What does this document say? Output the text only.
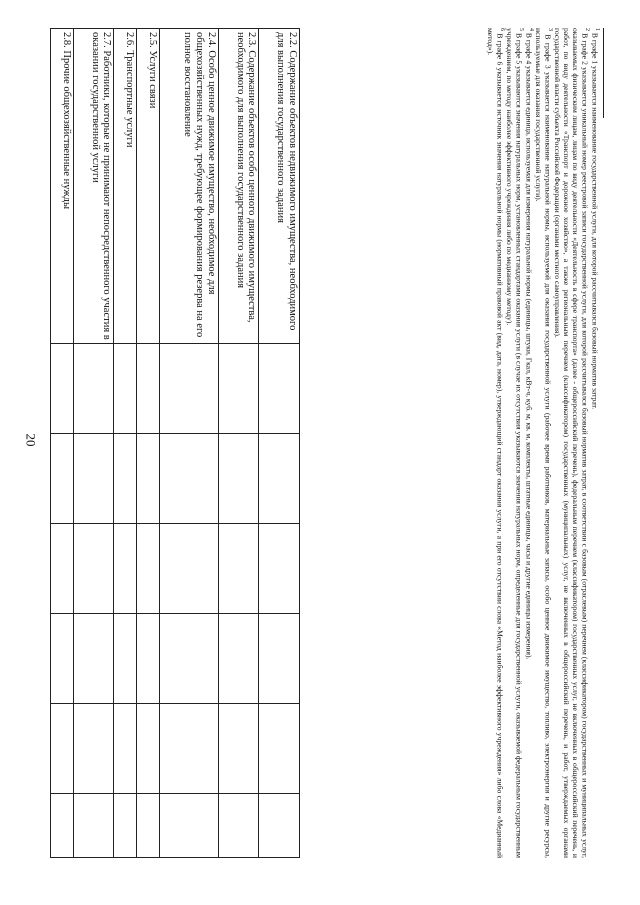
20
2.2. Содержание объектов недвижимого имущества, необходимого для выполнения государственного задания						
2.3. Содержание объектов особо ценного движимого имущества, необходимого для выполнения государственного задания						
2.4. Особо ценное движимое имущество, необходимое для общехозяйственных нужд, требующее формирования резерва на его полное восстановление						
2.5. Услуги связи						
2.6. Транспортные услуги						
2.7. Работники, которые не принимают непосредственного участия в оказании государственной услуги						
2.8. Прочие общехозяйственные нужды						

$^1$ В графе 1 указывается наименование государственной услуги, для которой рассчитывался базовый норматив затрат.

$^2$ В графе 2 указывается уникальный номер реестровой записи государственной услуги, для которой рассчитывался базовый норматив затрат, в соответствии с базовым (отраслевым) перечнем (классификатором) государственных и муниципальных услуг, оказываемых физическим лицам, лицам по виду деятельности «Деятельность в сфере транспорта» (далее - общероссийский перечень), федеральным перечнем (классификатором) государственных услуг, не включенных в общероссийский перечень, и работ, по виду деятельности «Транспорт и дорожное хозяйство», а также региональным перечнем (классификатором) государственных (муниципальных) услуг, не включенных в общероссийский перечень, и работ, утверждаемых органами государственной власти субъекта Российской Федерации (органами местного самоуправления).

$^3$ В графе 3 указывается наименование натуральной нормы, используемой для оказания государственной услуги (рабочее время работников, материальные запасы, особо ценное движимое имущество, топливо, электроэнергия и другие ресурсы, используемые для оказания государственной услуги).

$^4$ В графе 4 указывается единица, используемая для измерения натуральной нормы (единицы, штуки, Гкал, кВт-ч, куб. м, кв. м, комплекты, штатные единицы, часы и другие единицы измерения).

$^5$ В графе 5 указываются значения натуральных норм, установленных стандартами оказания услуги (в случае их отсутствия указываются значения натуральных норм, определенные для государственной услуги, оказываемой федеральным государственным учреждением, по методу наиболее эффективного учреждения либо по медианному методу).

$^6$ В графе 6 указывается источник значения натуральной нормы (нормативный правовой акт (вид, дата, номер), утверждающий стандарт оказания услуги, а при его отсутствии слова «Метод наиболее эффективного учреждения» либо слова «Медианный метод»).
